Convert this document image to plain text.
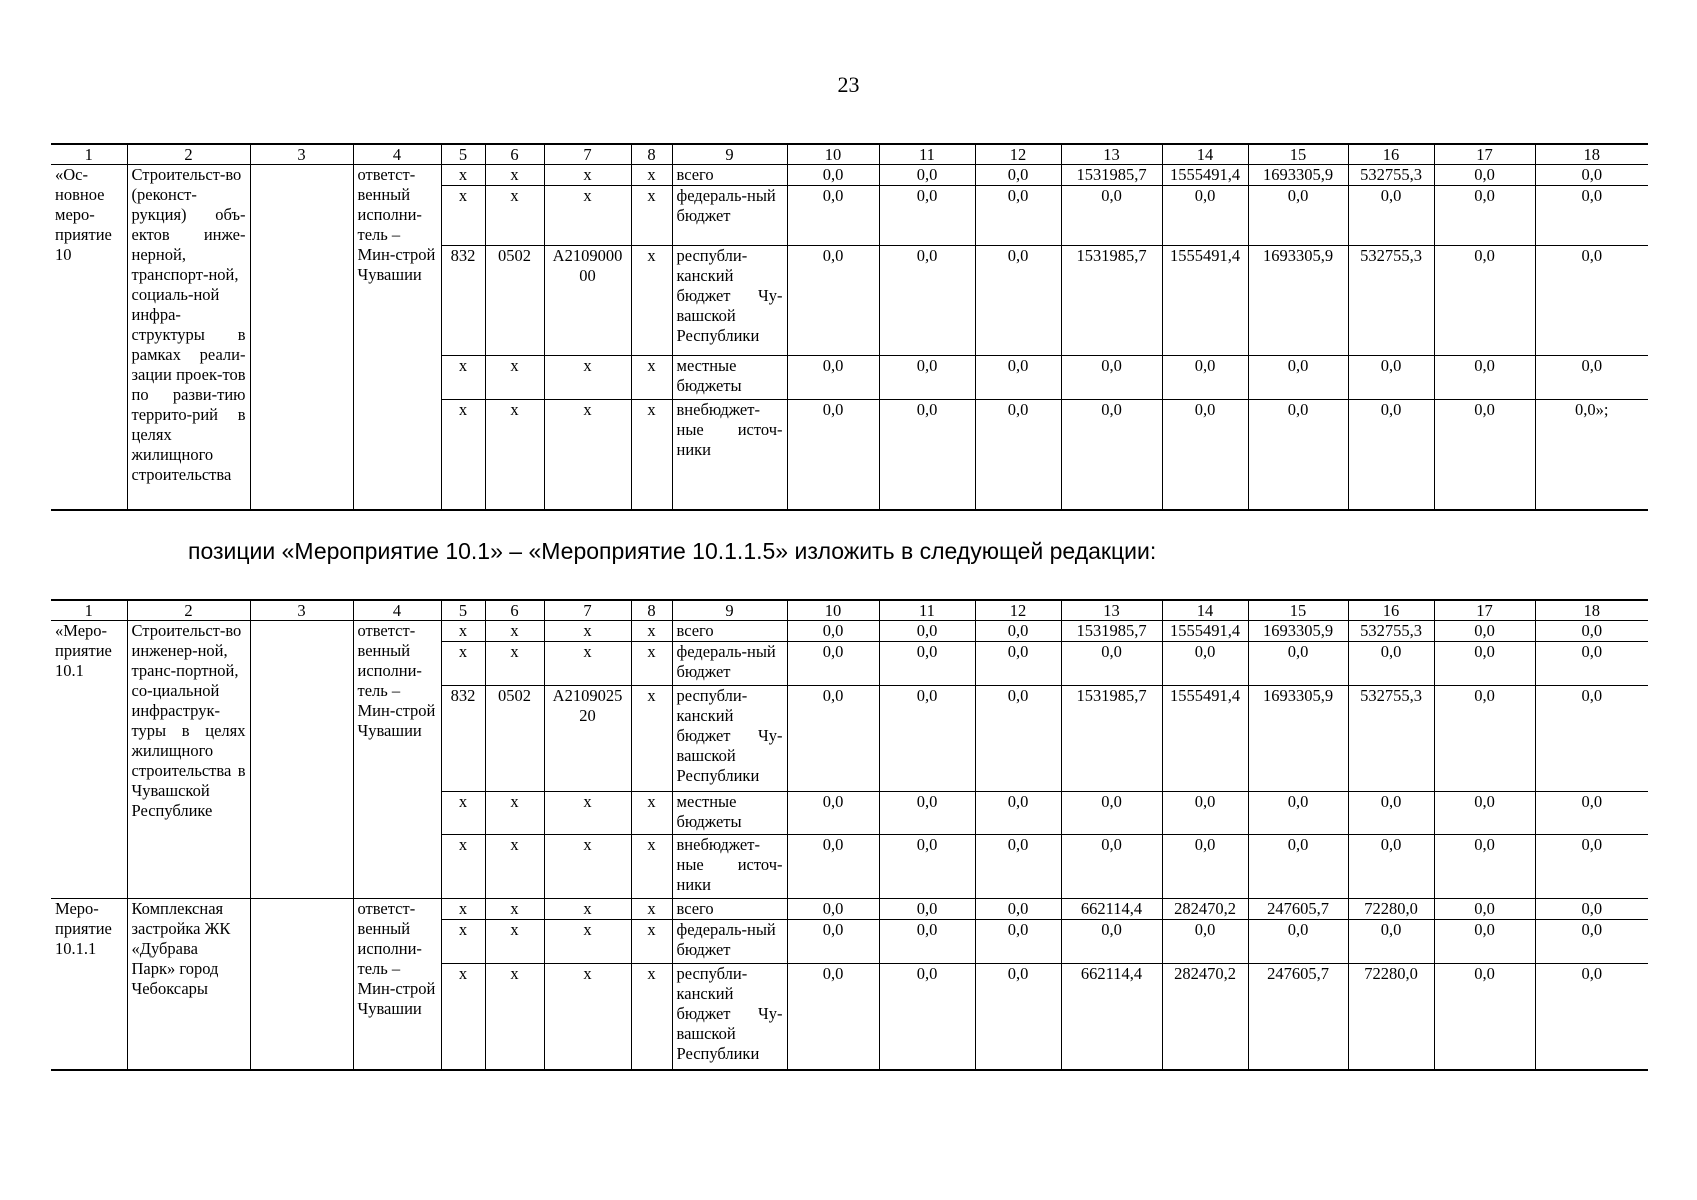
23
1	2	3	4	5	6	7	8	9	10	11	12	13	14	15	16	17	18
«Ос-новное меро-приятие 10	Строительст-во (реконст-рукция) объ-ектов инже-нерной, транспорт-ной, социаль-ной инфра-структуры в рамках реали-зации проек-тов по разви-тию террито-рий в целях жилищного строительства		ответст-венный исполни-тель – Мин-строй Чувашии	х	х	х	х	всего	0,0	0,0	0,0	1531985,7	1555491,4	1693305,9	532755,3	0,0	0,0
				х	х	х	х	федераль-ный бюджет	0,0	0,0	0,0	0,0	0,0	0,0	0,0	0,0	0,0
				832	0502	А2109000 00	х	республи-канский бюджет Чу-вашской Республики	0,0	0,0	0,0	1531985,7	1555491,4	1693305,9	532755,3	0,0	0,0
				х	х	х	х	местные бюджеты	0,0	0,0	0,0	0,0	0,0	0,0	0,0	0,0	0,0
				х	х	х	х	внебюджет-ные источ-ники	0,0	0,0	0,0	0,0	0,0	0,0	0,0	0,0	0,0»;
позиции «Мероприятие 10.1» – «Мероприятие 10.1.1.5» изложить в следующей редакции:
1	2	3	4	5	6	7	8	9	10	11	12	13	14	15	16	17	18
«Меро-приятие 10.1	Строительст-во инженер-ной, транс-портной, со-циальной инфраструк-туры в целях жилищного строительства в Чувашской Республике		ответст-венный исполни-тель – Мин-строй Чувашии	х	х	х	х	всего	0,0	0,0	0,0	1531985,7	1555491,4	1693305,9	532755,3	0,0	0,0
				х	х	х	х	федераль-ный бюджет	0,0	0,0	0,0	0,0	0,0	0,0	0,0	0,0	0,0
				832	0502	А2109025 20	х	республи-канский бюджет Чу-вашской Республики	0,0	0,0	0,0	1531985,7	1555491,4	1693305,9	532755,3	0,0	0,0
				х	х	х	х	местные бюджеты	0,0	0,0	0,0	0,0	0,0	0,0	0,0	0,0	0,0
				х	х	х	х	внебюджет-ные источ-ники	0,0	0,0	0,0	0,0	0,0	0,0	0,0	0,0	0,0
Меро-приятие 10.1.1	Комплексная застройка ЖК «Дубрава Парк» город Чебоксары		ответст-венный исполни-тель – Мин-строй Чувашии	х	х	х	х	всего	0,0	0,0	0,0	662114,4	282470,2	247605,7	72280,0	0,0	0,0
				х	х	х	х	федераль-ный бюджет	0,0	0,0	0,0	0,0	0,0	0,0	0,0	0,0	0,0
				х	х	х	х	республи-канский бюджет Чу-вашской Республики	0,0	0,0	0,0	662114,4	282470,2	247605,7	72280,0	0,0	0,0
